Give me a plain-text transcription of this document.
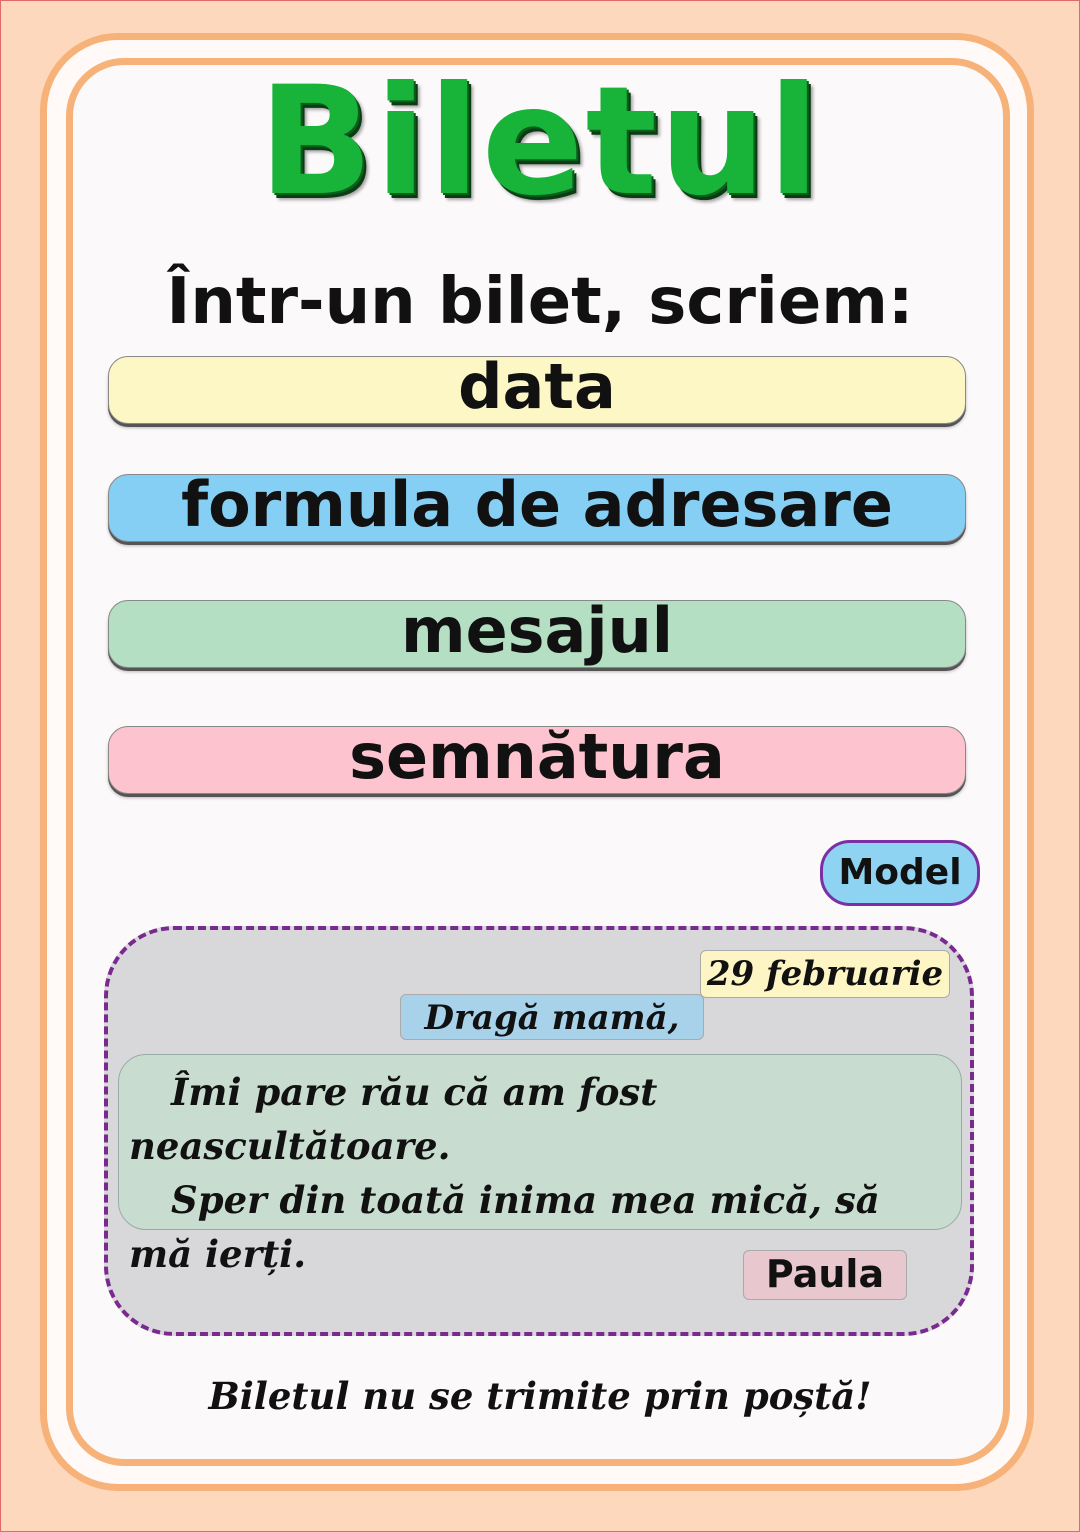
Biletul
Într-un bilet, scriem:
data
formula de adresare
mesajul
semnătura
Model
29 februarie
Dragă mamă,

Îmi pare rău că am fost neascultătoare.

Sper din toată inima mea mică, să mă ierți.	Paula
Biletul nu se trimite prin poștă!
